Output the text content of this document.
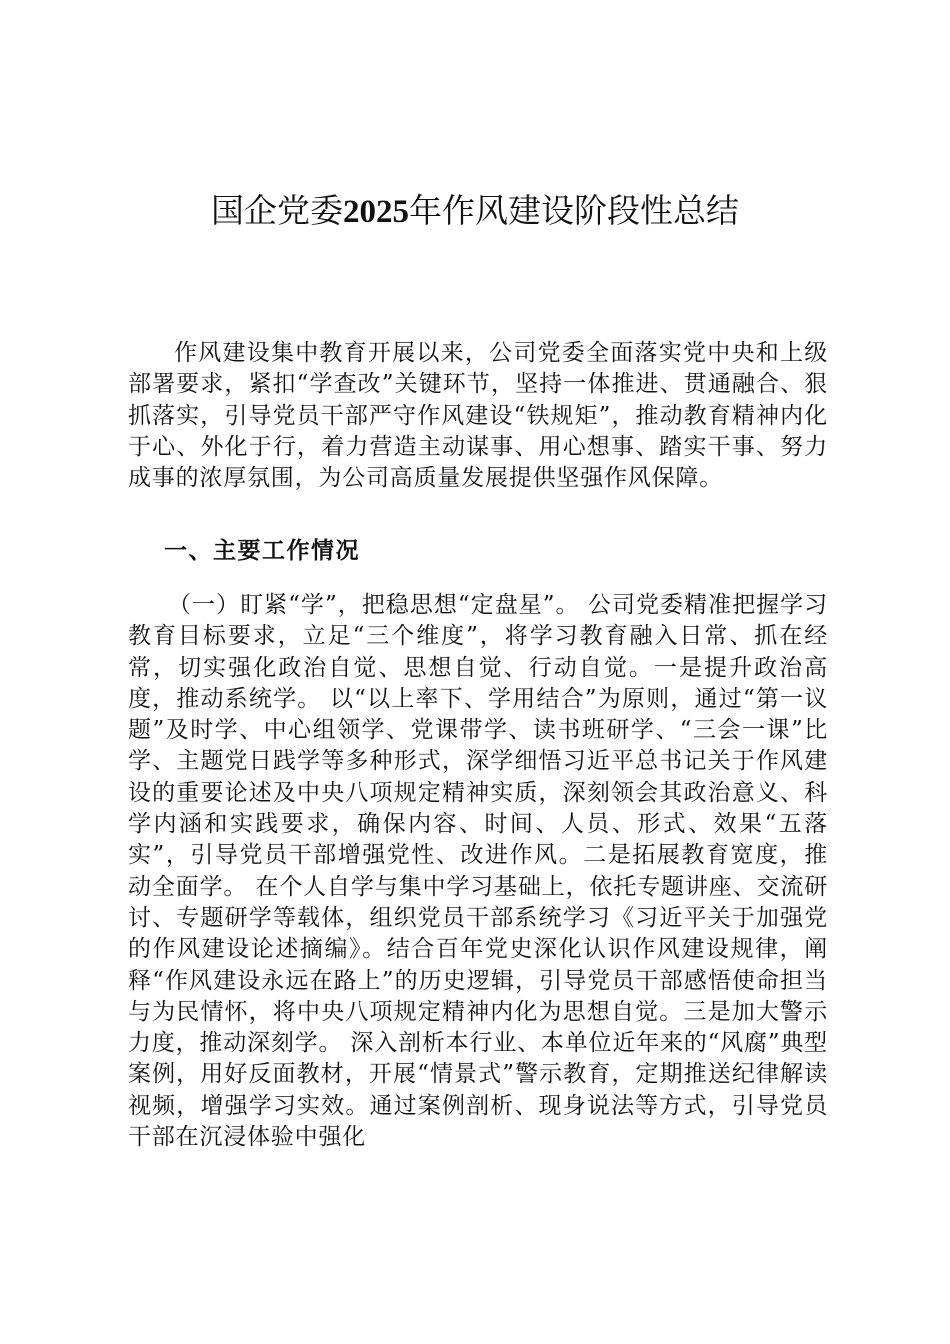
国企党委2025年作风建设阶段性总结

作风建设集中教育开展以来，公司党委全面落实党中央和上级部署要求，紧扣“学查改”关键环节，坚持一体推进、贯通融合、狠抓落实，引导党员干部严守作风建设“铁规矩”，推动教育精神内化于心、外化于行，着力营造主动谋事、用心想事、踏实干事、努力成事的浓厚氛围，为公司高质量发展提供坚强作风保障。

一、主要工作情况

（一）盯紧“学”，把稳思想“定盘星”。 公司党委精准把握学习教育目标要求，立足“三个维度”，将学习教育融入日常、抓在经常，切实强化政治自觉、思想自觉、行动自觉。一是提升政治高度，推动系统学。 以“以上率下、学用结合”为原则，通过“第一议题”及时学、中心组领学、党课带学、读书班研学、“三会一课”比学、主题党日践学等多种形式，深学细悟习近平总书记关于作风建设的重要论述及中央八项规定精神实质，深刻领会其政治意义、科学内涵和实践要求，确保内容、时间、人员、形式、效果“五落实”，引导党员干部增强党性、改进作风。二是拓展教育宽度，推动全面学。 在个人自学与集中学习基础上，依托专题讲座、交流研讨、专题研学等载体，组织党员干部系统学习《习近平关于加强党的作风建设论述摘编》。结合百年党史深化认识作风建设规律，阐释“作风建设永远在路上”的历史逻辑，引导党员干部感悟使命担当与为民情怀，将中央八项规定精神内化为思想自觉。三是加大警示力度，推动深刻学。 深入剖析本行业、本单位近年来的“风腐”典型案例，用好反面教材，开展“情景式”警示教育，定期推送纪律解读视频，增强学习实效。通过案例剖析、现身说法等方式，引导党员干部在沉浸体验中强化
